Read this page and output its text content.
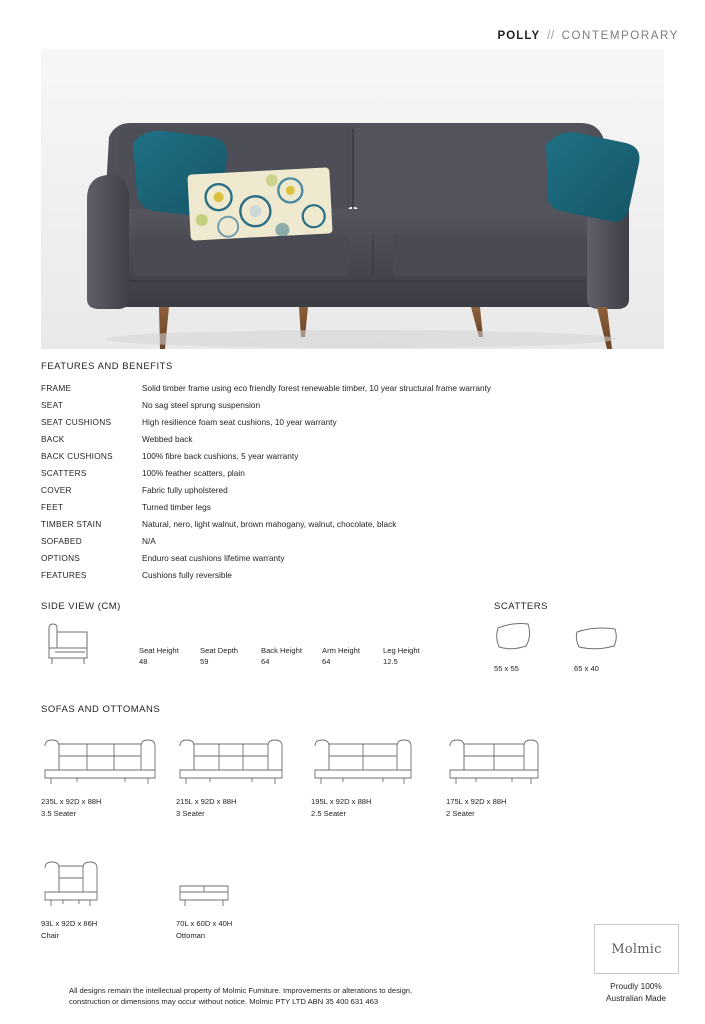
POLLY // CONTEMPORARY
FEATURES AND BENEFITS
FRAME	Solid timber frame using eco friendly forest renewable timber, 10 year structural frame warranty
SEAT	No sag steel sprung suspension
SEAT CUSHIONS	High resilience foam seat cushions, 10 year warranty
BACK	Webbed back
BACK CUSHIONS	100% fibre back cushions, 5 year warranty
SCATTERS	100% feather scatters, plain
COVER	Fabric fully upholstered
FEET	Turned timber legs
TIMBER STAIN	Natural, nero, light walnut, brown mahogany, walnut, chocolate, black
SOFABED	N/A
OPTIONS	Enduro seat cushions lifetime warranty
FEATURES	Cushions fully reversible
SIDE VIEW (CM)
Seat Height
48
Seat Depth
59
Back Height
64
Arm Height
64
Leg Height
12.5
SCATTERS
55 x 55	65 x 40
SOFAS AND OTTOMANS
235L x 92D x 88H
3.5 Seater
215L x 92D x 88H
3 Seater
195L x 92D x 88H
2.5 Seater
175L x 92D x 88H
2 Seater
93L x 92D x 86H
Chair
70L x 60D x 40H
Ottoman
Molmic
Proudly 100%
Australian Made
All designs remain the intellectual property of Molmic Furniture. Improvements or alterations to design,
construction or dimensions may occur without notice. Molmic PTY LTD ABN 35 400 631 463
